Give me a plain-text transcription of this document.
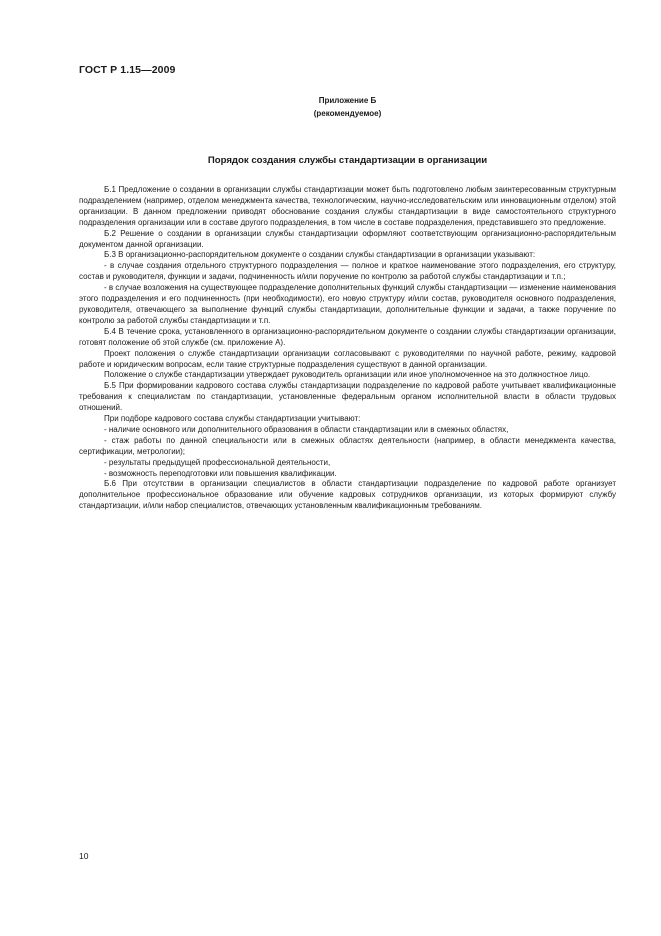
ГОСТ Р 1.15—2009
Приложение Б
(рекомендуемое)
Порядок создания службы стандартизации в организации

Б.1 Предложение о создании в организации службы стандартизации может быть подготовлено любым заинтересованным структурным подразделением (например, отделом менеджмента качества, технологическим, научно-исследовательским или инновационным отделом) этой организации. В данном предложении приводят обоснование создания службы стандартизации в виде самостоятельного структурного подразделения организации или в составе другого подразделения, в том числе в составе подразделения, представившего это предложение.

Б.2 Решение о создании в организации службы стандартизации оформляют соответствующим организационно-распорядительным документом данной организации.

Б.3 В организационно-распорядительном документе о создании службы стандартизации в организации указывают:

- в случае создания отдельного структурного подразделения — полное и краткое наименование этого подразделения, его структуру, состав и руководителя, функции и задачи, подчиненность и/или поручение по контролю за работой службы стандартизации и т.п.;

- в случае возложения на существующее подразделение дополнительных функций службы стандартизации — изменение наименования этого подразделения и его подчиненность (при необходимости), его новую структуру и/или состав, руководителя основного подразделения, руководителя, отвечающего за выполнение функций службы стандартизации, дополнительные функции и задачи, а также поручение по контролю за работой службы стандартизации и т.п.

Б.4 В течение срока, установленного в организационно-распорядительном документе о создании службы стандартизации организации, готовят положение об этой службе (см. приложение А).

Проект положения о службе стандартизации организации согласовывают с руководителями по научной работе, режиму, кадровой работе и юридическим вопросам, если такие структурные подразделения существуют в данной организации.

Положение о службе стандартизации утверждает руководитель организации или иное уполномоченное на это должностное лицо.

Б.5 При формировании кадрового состава службы стандартизации подразделение по кадровой работе учитывает квалификационные требования к специалистам по стандартизации, установленные федеральным органом исполнительной власти в области трудовых отношений.

При подборе кадрового состава службы стандартизации учитывают:

- наличие основного или дополнительного образования в области стандартизации или в смежных областях,

- стаж работы по данной специальности или в смежных областях деятельности (например, в области менеджмента качества, сертификации, метрологии);

- результаты предыдущей профессиональной деятельности,

- возможность переподготовки или повышения квалификации.

Б.6 При отсутствии в организации специалистов в области стандартизации подразделение по кадровой работе организует дополнительное профессиональное образование или обучение кадровых сотрудников организации, из которых формируют службу стандартизации, и/или набор специалистов, отвечающих установленным квалификационным требованиям.

10
